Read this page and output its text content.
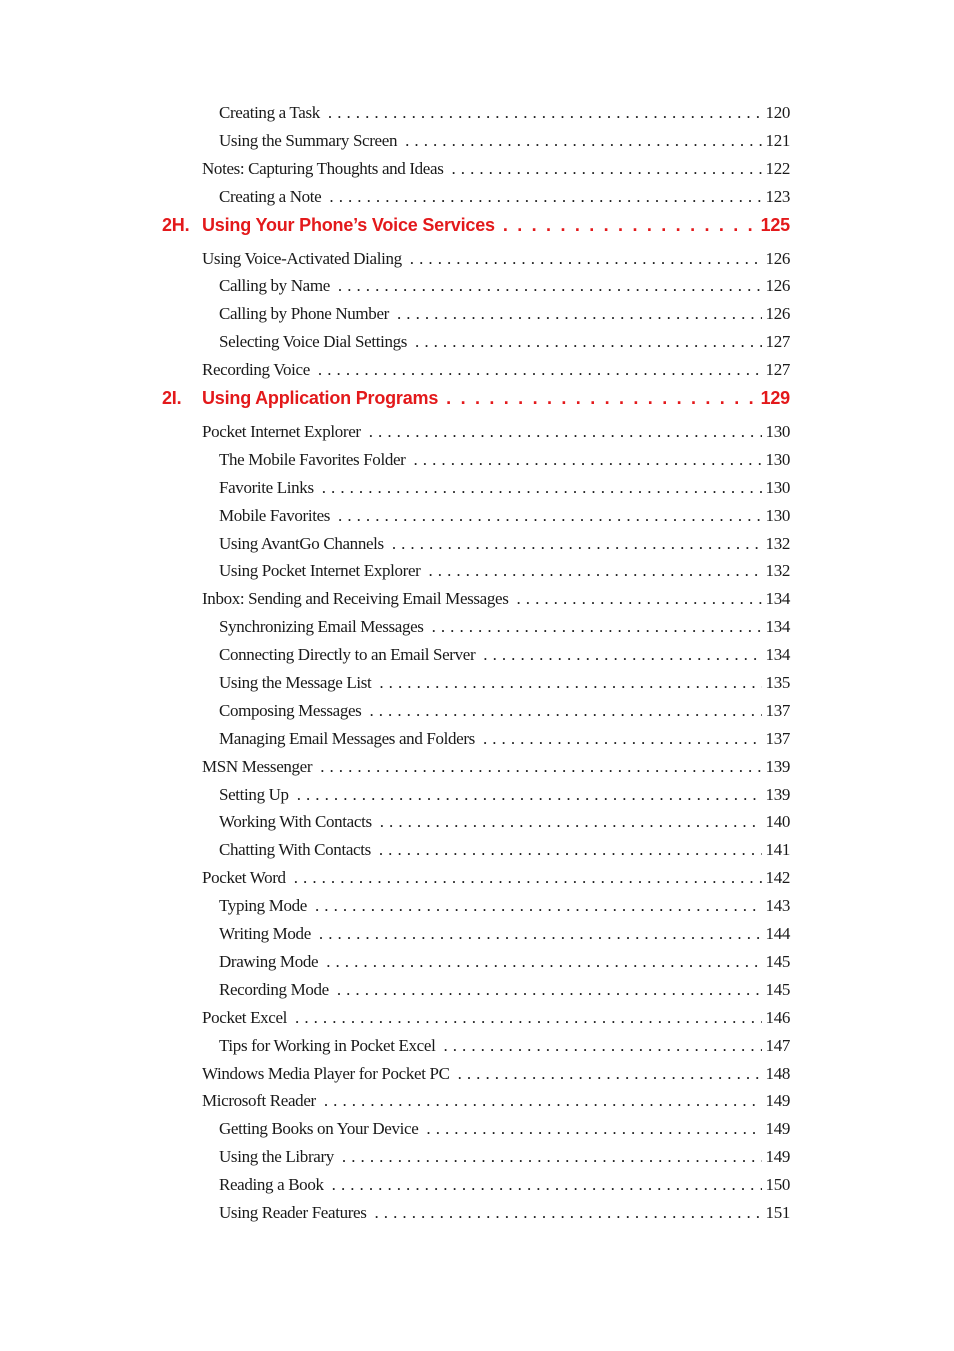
Creating a Task . . .	120
Using the Summary Screen . . .	121
Notes: Capturing Thoughts and Ideas . . .	122
Creating a Note . . .	123
2H. Using Your Phone’s Voice Services . . .	125
Using Voice-Activated Dialing . . .	126
Calling by Name . . .	126
Calling by Phone Number . . .	126
Selecting Voice Dial Settings . . .	127
Recording Voice . . .	127
2I.	Using Application Programs . . .	129
Pocket Internet Explorer . . .	130
The Mobile Favorites Folder . . .	130
Favorite Links . . .	130
Mobile Favorites . . .	130
Using AvantGo Channels . . .	132
Using Pocket Internet Explorer . . .	132
Inbox: Sending and Receiving Email Messages . . .	134
Synchronizing Email Messages . . .	134
Connecting Directly to an Email Server . . .	134
Using the Message List . . .	135
Composing Messages . . .	137
Managing Email Messages and Folders . . .	137
MSN Messenger . . .	139
Setting Up . . .	139
Working With Contacts . . .	140
Chatting With Contacts . . .	141
Pocket Word . . .	142
Typing Mode . . .	143
Writing Mode . . .	144
Drawing Mode . . .	145
Recording Mode . . .	145
Pocket Excel . . .	146
Tips for Working in Pocket Excel . . .	147
Windows Media Player for Pocket PC . . .	148
Microsoft Reader . . .	149
Getting Books on Your Device . . .	149
Using the Library . . .	149
Reading a Book . . .	150
Using Reader Features . . .	151
